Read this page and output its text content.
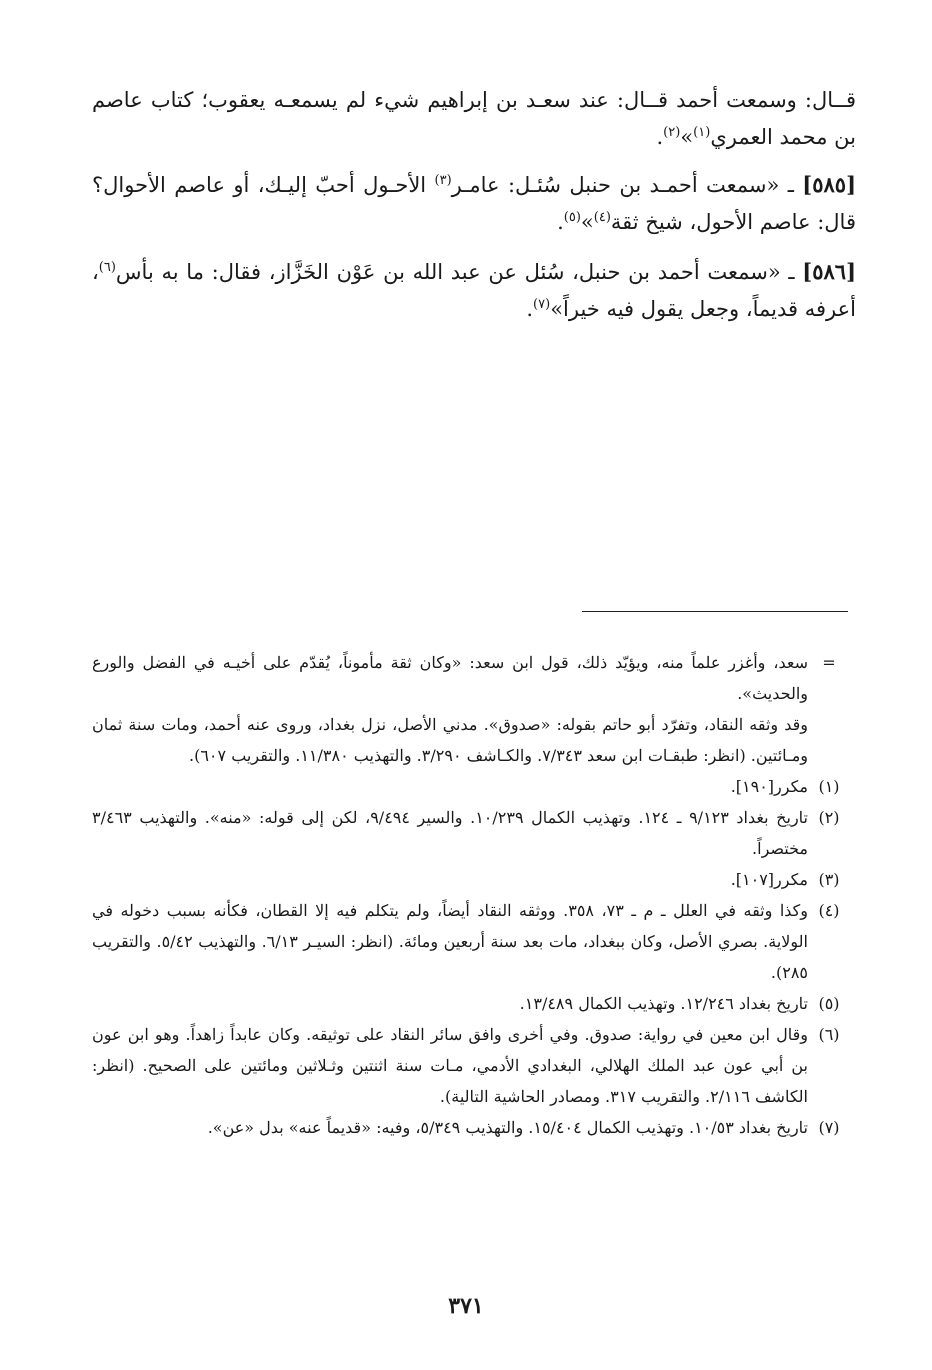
قــال: وسمعت أحمد قــال: عند سعـد بن إبراهيم شيء لم يسمعـه يعقوب؛ كتاب عاصم بن محمد العمري$^{(١)}$»$^{(٢)}$.

[٥٨٥] ـ «سمعت أحمـد بن حنبل سُئـل: عامـر$^{(٣)}$ الأحـول أحبّ إليـك، أو عاصم الأحوال؟ قال: عاصم الأحول، شيخ ثقة$^{(٤)}$»$^{(٥)}$.

[٥٨٦] ـ «سمعت أحمد بن حنبل، سُئل عن عبد الله بن عَوْن الخَزَّاز، فقال: ما به بأس$^{(٦)}$، أعرفه قديماً، وجعل يقول فيه خيراً»$^{(٧)}$.

=
سعد، وأغزر علماً منه، ويؤيّد ذلك، قول ابن سعد: «وكان ثقة مأموناً، يُقدّم على أخيـه في الفضل والورع والحديث».
وقد وثقه النقاد، وتفرّد أبو حاتم بقوله: «صدوق». مدني الأصل، نزل بغداد، وروى عنه أحمد، ومات سنة ثمان ومـائتين. (انظر: طبقـات ابن سعد ٧/٣٤٣. والكـاشف ٣/٢٩٠. والتهذيب ١١/٣٨٠. والتقريب ٦٠٧).
(١)
مكرر[١٩٠].
(٢)
تاريخ بغداد ٩/١٢٣ ـ ١٢٤. وتهذيب الكمال ١٠/٢٣٩. والسير ٩/٤٩٤، لكن إلى قوله: «منه». والتهذيب ٣/٤٦٣ مختصراً.
(٣)
مكرر[١٠٧].
(٤)
وكذا وثقه في العلل ـ م ـ ٧٣، ٣٥٨. ووثقه النقاد أيضاً، ولم يتكلم فيه إلا القطان، فكأنه بسبب دخوله في الولاية. بصري الأصل، وكان ببغداد، مات بعد سنة أربعين ومائة. (انظر: السيـر ٦/١٣. والتهذيب ٥/٤٢. والتقريب ٢٨٥).
(٥)
تاريخ بغداد ١٢/٢٤٦. وتهذيب الكمال ١٣/٤٨٩.
(٦)
وقال ابن معين في رواية: صدوق. وفي أخرى وافق سائر النقاد على توثيقه. وكان عابداً زاهداً. وهو ابن عون بن أبي عون عبد الملك الهلالي، البغدادي الأدمي، مـات سنة اثنتين وثـلاثين ومائتين على الصحيح. (انظر: الكاشف ٢/١١٦. والتقريب ٣١٧. ومصادر الحاشية التالية).
(٧)
تاريخ بغداد ١٠/٥٣. وتهذيب الكمال ١٥/٤٠٤. والتهذيب ٥/٣٤٩، وفيه: «قديماً عنه» بدل «عن».
٣٧١
